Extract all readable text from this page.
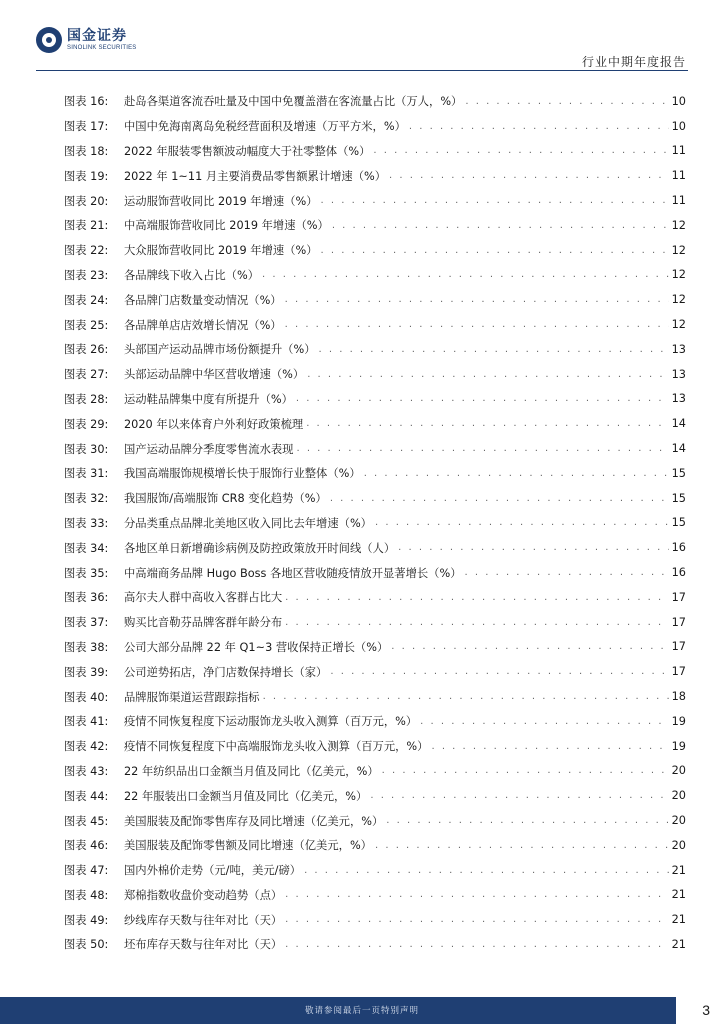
国金证券
SINOLINK SECURITIES
行业中期年度报告
图表 16:	赴岛各渠道客流吞吐量及中国中免覆盖潜在客流量占比（万人，%） . . .	10
图表 17:	中国中免海南离岛免税经营面积及增速（万平方米，%） . . .	10
图表 18:	2022 年服装零售额波动幅度大于社零整体（%） . . .	11
图表 19:	2022 年 1~11 月主要消费品零售额累计增速（%） . . .	11
图表 20:	运动服饰营收同比 2019 年增速（%） . . .	11
图表 21:	中高端服饰营收同比 2019 年增速（%） . . .	12
图表 22:	大众服饰营收同比 2019 年增速（%） . . .	12
图表 23:	各品牌线下收入占比（%） . . .	12
图表 24:	各品牌门店数量变动情况（%） . . .	12
图表 25:	各品牌单店店效增长情况（%） . . .	12
图表 26:	头部国产运动品牌市场份额提升（%） . . .	13
图表 27:	头部运动品牌中华区营收增速（%） . . .	13
图表 28:	运动鞋品牌集中度有所提升（%） . . .	13
图表 29:	2020 年以来体育户外利好政策梳理 . . .	14
图表 30:	国产运动品牌分季度零售流水表现 . . .	14
图表 31:	我国高端服饰规模增长快于服饰行业整体（%） . . .	15
图表 32:	我国服饰/高端服饰 CR8 变化趋势（%） . . .	15
图表 33:	分品类重点品牌北美地区收入同比去年增速（%） . . .	15
图表 34:	各地区单日新增确诊病例及防控政策放开时间线（人） . . .	16
图表 35:	中高端商务品牌 Hugo Boss 各地区营收随疫情放开显著增长（%） . . .	16
图表 36:	高尔夫人群中高收入客群占比大 . . .	17
图表 37:	购买比音勒芬品牌客群年龄分布 . . .	17
图表 38:	公司大部分品牌 22 年 Q1~3 营收保持正增长（%） . . .	17
图表 39:	公司逆势拓店，净门店数保持增长（家） . . .	17
图表 40:	品牌服饰渠道运营跟踪指标 . . .	18
图表 41:	疫情不同恢复程度下运动服饰龙头收入测算（百万元，%） . . .	19
图表 42:	疫情不同恢复程度下中高端服饰龙头收入测算（百万元，%） . . .	19
图表 43:	22 年纺织品出口金额当月值及同比（亿美元，%） . . .	20
图表 44:	22 年服装出口金额当月值及同比（亿美元，%） . . .	20
图表 45:	美国服装及配饰零售库存及同比增速（亿美元，%） . . .	20
图表 46:	美国服装及配饰零售额及同比增速（亿美元，%） . . .	20
图表 47:	国内外棉价走势（元/吨，美元/磅） . . .	21
图表 48:	郑棉指数收盘价变动趋势（点） . . .	21
图表 49:	纱线库存天数与往年对比（天） . . .	21
图表 50:	坯布库存天数与往年对比（天） . . .	21
敬请参阅最后一页特别声明	3
